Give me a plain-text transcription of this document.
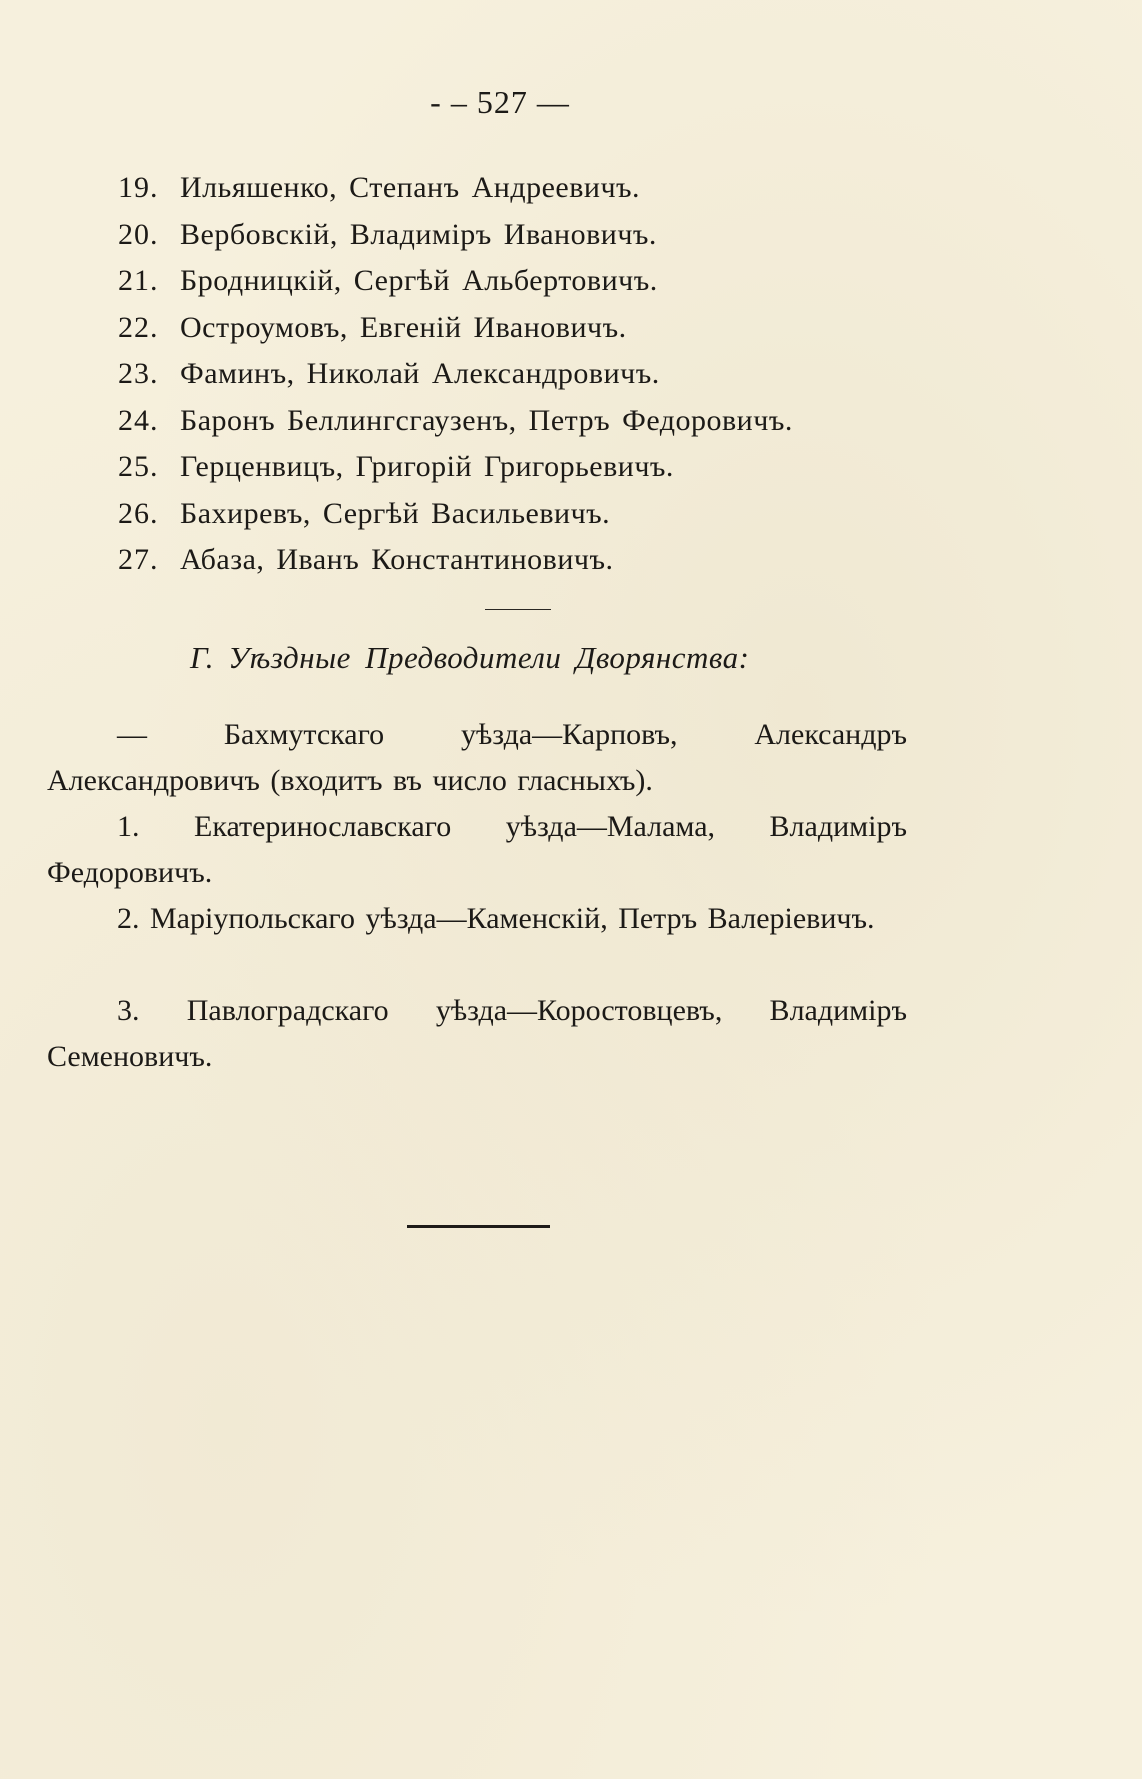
- – 527 —
19. Ильяшенко, Степанъ Андреевичъ.
20. Вербовскій, Владиміръ Ивановичъ.
21. Бродницкій, Сергѣй Альбертовичъ.
22. Остроумовъ, Евгеній Ивановичъ.
23. Фаминъ, Николай Александровичъ.
24. Баронъ Беллингсгаузенъ, Петръ Федоровичъ.
25. Герценвицъ, Григорій Григорьевичъ.
26. Бахиревъ, Сергѣй Васильевичъ.
27. Абаза, Иванъ Константиновичъ.
Г. Уѣздные Предводители Дворянства:

— Бахмутскаго уѣзда—Карповъ, Александръ Александровичъ (входитъ въ число гласныхъ).

1. Екатеринославскаго уѣзда—Малама, Владиміръ Федоровичъ.

2. Маріупольскаго уѣзда—Каменскій, Петръ Валеріевичъ.

3. Павлоградскаго уѣзда—Коростовцевъ, Владиміръ Семеновичъ.
